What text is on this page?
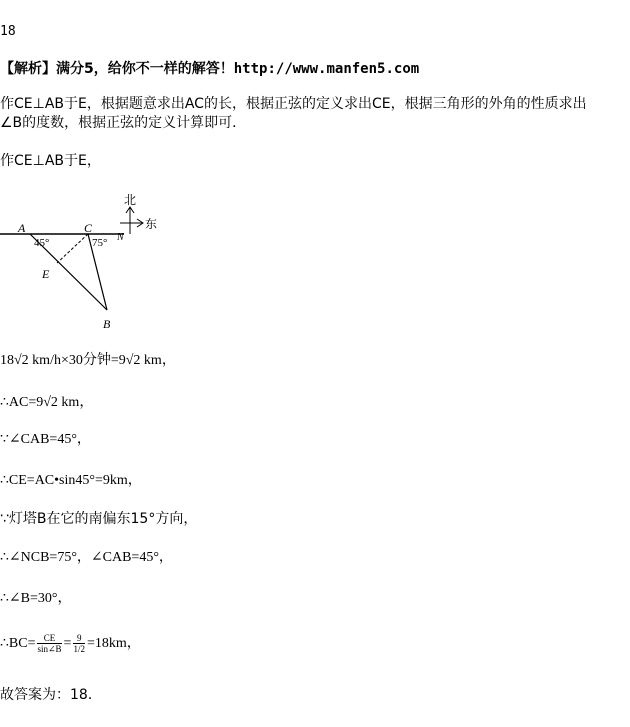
18
【解析】满分5，给你不一样的解答！http://www.manfen5.com
作CE⊥AB于E，根据题意求出AC的长，根据正弦的定义求出CE，根据三角形的外角的性质求出
∠B的度数，根据正弦的定义计算即可．
作CE⊥AB于E，
北
东
A	C
N
E
B
45°	75°
18√2 km/h×30分钟=9√2 km，
∴AC=9√2 km，
∵∠CAB=45°，
∴CE=AC•sin45°=9km，
∵灯塔B在它的南偏东15°方向，
∴∠NCB=75°，∠CAB=45°，
∴∠B=30°，
∴BC= $\frac{CE}{\sin\angle B} = \frac{9}{1/2} =18km$，
故答案为：18．
